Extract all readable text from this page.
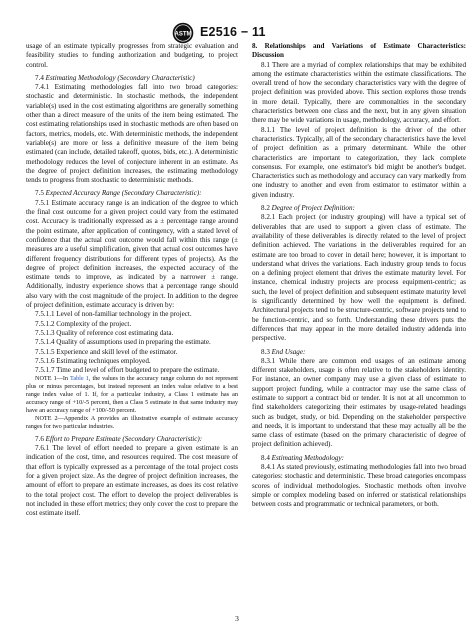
ASTM E2516 − 11

usage of an estimate typically progresses from strategic evaluation and feasibility studies to funding authorization and budgeting, to project control.

7.4 Estimating Methodology (Secondary Characteristic)

7.4.1 Estimating methodologies fall into two broad categories: stochastic and deterministic. In stochastic methods, the independent variable(s) used in the cost estimating algorithms are generally something other than a direct measure of the units of the item being estimated. The cost estimating relationships used in stochastic methods are often based on factors, metrics, models, etc. With deterministic methods, the independent variable(s) are more or less a definitive measure of the item being estimated (can include, detailed takeoff, quotes, bids, etc.). A deterministic methodology reduces the level of conjecture inherent in an estimate. As the degree of project definition increases, the estimating methodology tends to progress from stochastic to deterministic methods.

7.5 Expected Accuracy Range (Secondary Characteristic):

7.5.1 Estimate accuracy range is an indication of the degree to which the final cost outcome for a given project could vary from the estimated cost. Accuracy is traditionally expressed as a ± percentage range around the point estimate, after application of contingency, with a stated level of confidence that the actual cost outcome would fall within this range (± measures are a useful simplification, given that actual cost outcomes have different frequency distributions for different types of projects). As the degree of project definition increases, the expected accuracy of the estimate tends to improve, as indicated by a narrower ± range. Additionally, industry experience shows that a percentage range should also vary with the cost magnitude of the project. In addition to the degree of project definition, estimate accuracy is driven by:

7.5.1.1 Level of non-familiar technology in the project.

7.5.1.2 Complexity of the project.

7.5.1.3 Quality of reference cost estimating data.

7.5.1.4 Quality of assumptions used in preparing the estimate.

7.5.1.5 Experience and skill level of the estimator.

7.5.1.6 Estimating techniques employed.

7.5.1.7 Time and level of effort budgeted to prepare the estimate.

NOTE 1—In Table 1, the values in the accuracy range column do not represent plus or minus percentages, but instead represent an index value relative to a best range index value of 1. If, for a particular industry, a Class 1 estimate has an accuracy range of +10/-5 percent, then a Class 5 estimate in that same industry may have an accuracy range of +100/-50 percent.

NOTE 2—Appendix A provides an illustrative example of estimate accuracy ranges for two particular industries.

7.6 Effort to Prepare Estimate (Secondary Characteristic):

7.6.1 The level of effort needed to prepare a given estimate is an indication of the cost, time, and resources required. The cost measure of that effort is typically expressed as a percentage of the total project costs for a given project size. As the degree of project definition increases, the amount of effort to prepare an estimate increases, as does its cost relative to the total project cost. The effort to develop the project deliverables is not included in these effort metrics; they only cover the cost to prepare the cost estimate itself.

8. Relationships and Variations of Estimate Characteristics: Discussion

8.1 There are a myriad of complex relationships that may be exhibited among the estimate characteristics within the estimate classifications. The overall trend of how the secondary characteristics vary with the degree of project definition was provided above. This section explores those trends in more detail. Typically, there are commonalties in the secondary characteristics between one class and the next, but in any given situation there may be wide variations in usage, methodology, accuracy, and effort.

8.1.1 The level of project definition is the driver of the other characteristics. Typically, all of the secondary characteristics have the level of project definition as a primary determinant. While the other characteristics are important to categorization, they lack complete consensus. For example, one estimator's bid might be another's budget. Characteristics such as methodology and accuracy can vary markedly from one industry to another and even from estimator to estimator within a given industry.

8.2 Degree of Project Definition:

8.2.1 Each project (or industry grouping) will have a typical set of deliverables that are used to support a given class of estimate. The availability of these deliverables is directly related to the level of project definition achieved. The variations in the deliverables required for an estimate are too broad to cover in detail here; however, it is important to understand what drives the variations. Each industry group tends to focus on a defining project element that drives the estimate maturity level. For instance, chemical industry projects are process equipment-centric; as such, the level of project definition and subsequent estimate maturity level is significantly determined by how well the equipment is defined. Architectural projects tend to be structure-centric, software projects tend to be function-centric, and so forth. Understanding these drivers puts the differences that may appear in the more detailed industry addenda into perspective.

8.3 End Usage:

8.3.1 While there are common end usages of an estimate among different stakeholders, usage is often relative to the stakeholders identity. For instance, an owner company may use a given class of estimate to support project funding, while a contractor may use the same class of estimate to support a contract bid or tender. It is not at all uncommon to find stakeholders categorizing their estimates by usage-related headings such as budget, study, or bid. Depending on the stakeholder perspective and needs, it is important to understand that these may actually all be the same class of estimate (based on the primary characteristic of degree of project definition achieved).

8.4 Estimating Methodology:

8.4.1 As stated previously, estimating methodologies fall into two broad categories: stochastic and deterministic. These broad categories encompass scores of individual methodologies. Stochastic methods often involve simple or complex modeling based on inferred or statistical relationships between costs and programmatic or technical parameters, or both.

3
